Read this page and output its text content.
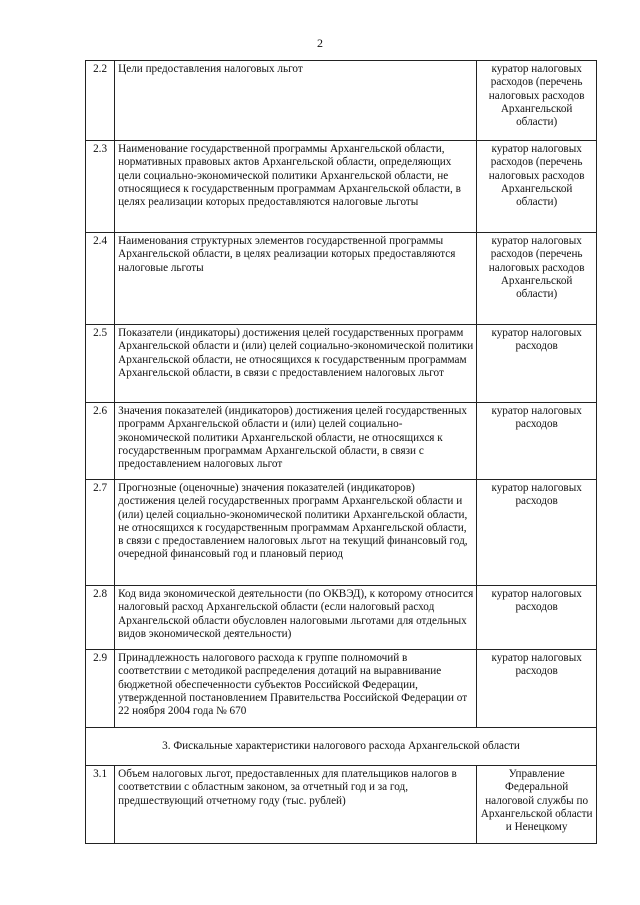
2
2.2	Цели предоставления налоговых льгот	куратор налоговых расходов (перечень налоговых расходов Архангельской области)
2.3	Наименование государственной программы Архангельской области, нормативных правовых актов Архангельской области, определяющих цели социально-экономической политики Архангельской области, не относящиеся к государственным программам Архангельской области, в целях реализации которых предоставляются налоговые льготы	куратор налоговых расходов (перечень налоговых расходов Архангельской области)
2.4	Наименования структурных элементов государственной программы Архангельской области, в целях реализации которых предоставляются налоговые льготы	куратор налоговых расходов (перечень налоговых расходов Архангельской области)
2.5	Показатели (индикаторы) достижения целей государственных программ Архангельской области и (или) целей социально-экономической политики Архангельской области, не относящихся к государственным программам Архангельской области, в связи с предоставлением налоговых льгот	куратор налоговых расходов
2.6	Значения показателей (индикаторов) достижения целей государственных программ Архангельской области и (или) целей социально-экономической политики Архангельской области, не относящихся к государственным программам Архангельской области, в связи с предоставлением налоговых льгот	куратор налоговых расходов
2.7	Прогнозные (оценочные) значения показателей (индикаторов) достижения целей государственных программ Архангельской области и (или) целей социально-экономической политики Архангельской области, не относящихся к государственным программам Архангельской области, в связи с предоставлением налоговых льгот на текущий финансовый год, очередной финансовый год и плановый период	куратор налоговых расходов
2.8	Код вида экономической деятельности (по ОКВЭД), к которому относится налоговый расход Архангельской области (если налоговый расход Архангельской области обусловлен налоговыми льготами для отдельных видов экономической деятельности)	куратор налоговых расходов
2.9	Принадлежность налогового расхода к группе полномочий в соответствии с методикой распределения дотаций на выравнивание бюджетной обеспеченности субъектов Российской Федерации, утвержденной постановлением Правительства Российской Федерации от 22 ноября 2004 года № 670	куратор налоговых расходов
3. Фискальные характеристики налогового расхода Архангельской области		
3.1	Объем налоговых льгот, предоставленных для плательщиков налогов в соответствии с областным законом, за отчетный год и за год, предшествующий отчетному году (тыс. рублей)	Управление Федеральной налоговой службы по Архангельской области и Ненецкому
